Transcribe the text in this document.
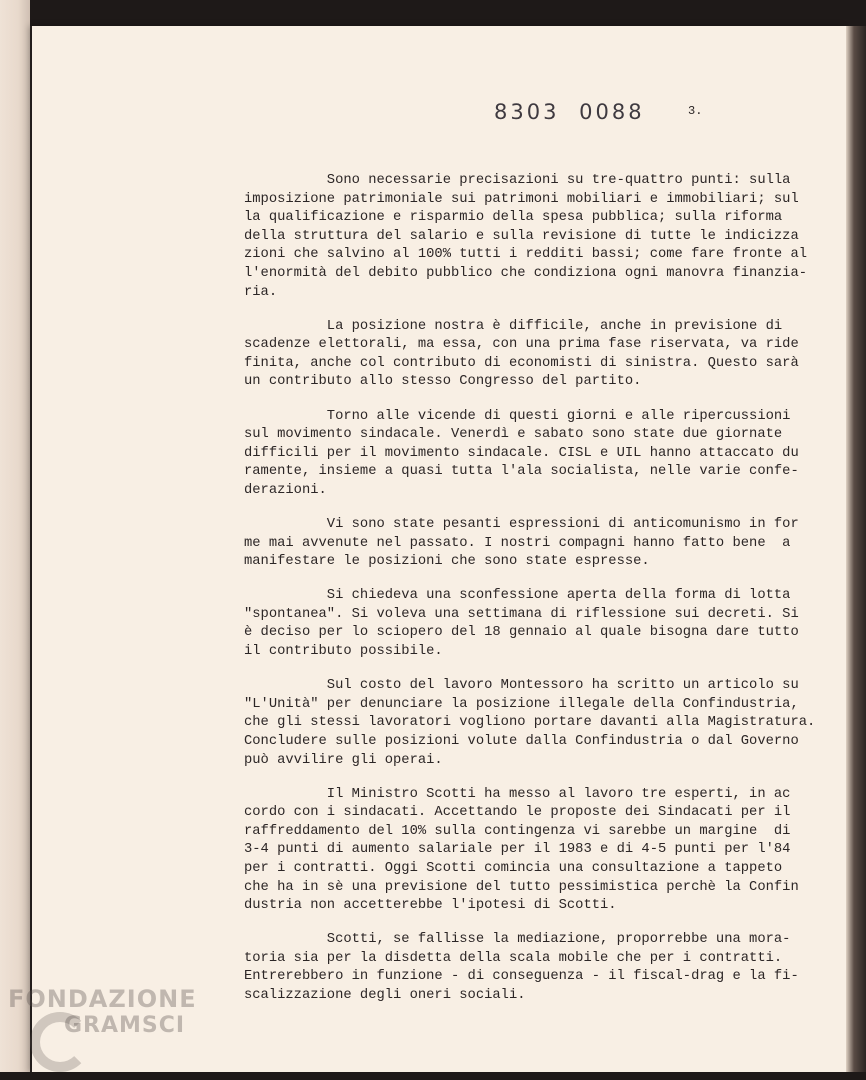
8303 0088	3.

Sono necessarie precisazioni su tre-quattro punti: sulla
imposizione patrimoniale sui patrimoni mobiliari e immobiliari; sul
la qualificazione e risparmio della spesa pubblica; sulla riforma
della struttura del salario e sulla revisione di tutte le indicizza
zioni che salvino al 100% tutti i redditi bassi; come fare fronte al
l'enormità del debito pubblico che condiziona ogni manovra finanzia-
ria.

La posizione nostra è difficile, anche in previsione di
scadenze elettorali, ma essa, con una prima fase riservata, va ride
finita, anche col contributo di economisti di sinistra. Questo sarà
un contributo allo stesso Congresso del partito.

Torno alle vicende di questi giorni e alle ripercussioni
sul movimento sindacale. Venerdì e sabato sono state due giornate
difficili per il movimento sindacale. CISL e UIL hanno attaccato du
ramente, insieme a quasi tutta l'ala socialista, nelle varie confe-
derazioni.

Vi sono state pesanti espressioni di anticomunismo in for
me mai avvenute nel passato. I nostri compagni hanno fatto bene  a
manifestare le posizioni che sono state espresse.

Si chiedeva una sconfessione aperta della forma di lotta
"spontanea". Si voleva una settimana di riflessione sui decreti. Si
è deciso per lo sciopero del 18 gennaio al quale bisogna dare tutto
il contributo possibile.

Sul costo del lavoro Montessoro ha scritto un articolo su
"L'Unità" per denunciare la posizione illegale della Confindustria,
che gli stessi lavoratori vogliono portare davanti alla Magistratura.
Concludere sulle posizioni volute dalla Confindustria o dal Governo
può avvilire gli operai.

Il Ministro Scotti ha messo al lavoro tre esperti, in ac
cordo con i sindacati. Accettando le proposte dei Sindacati per il
raffreddamento del 10% sulla contingenza vi sarebbe un margine  di
3-4 punti di aumento salariale per il 1983 e di 4-5 punti per l'84
per i contratti. Oggi Scotti comincia una consultazione a tappeto
che ha in sè una previsione del tutto pessimistica perchè la Confin
dustria non accetterebbe l'ipotesi di Scotti.

Scotti, se fallisse la mediazione, proporrebbe una mora-
toria sia per la disdetta della scala mobile che per i contratti.
Entrerebbero in funzione - di conseguenza - il fiscal-drag e la fi-
scalizzazione degli oneri sociali.

FONDAZIONE
GRAMSCI
